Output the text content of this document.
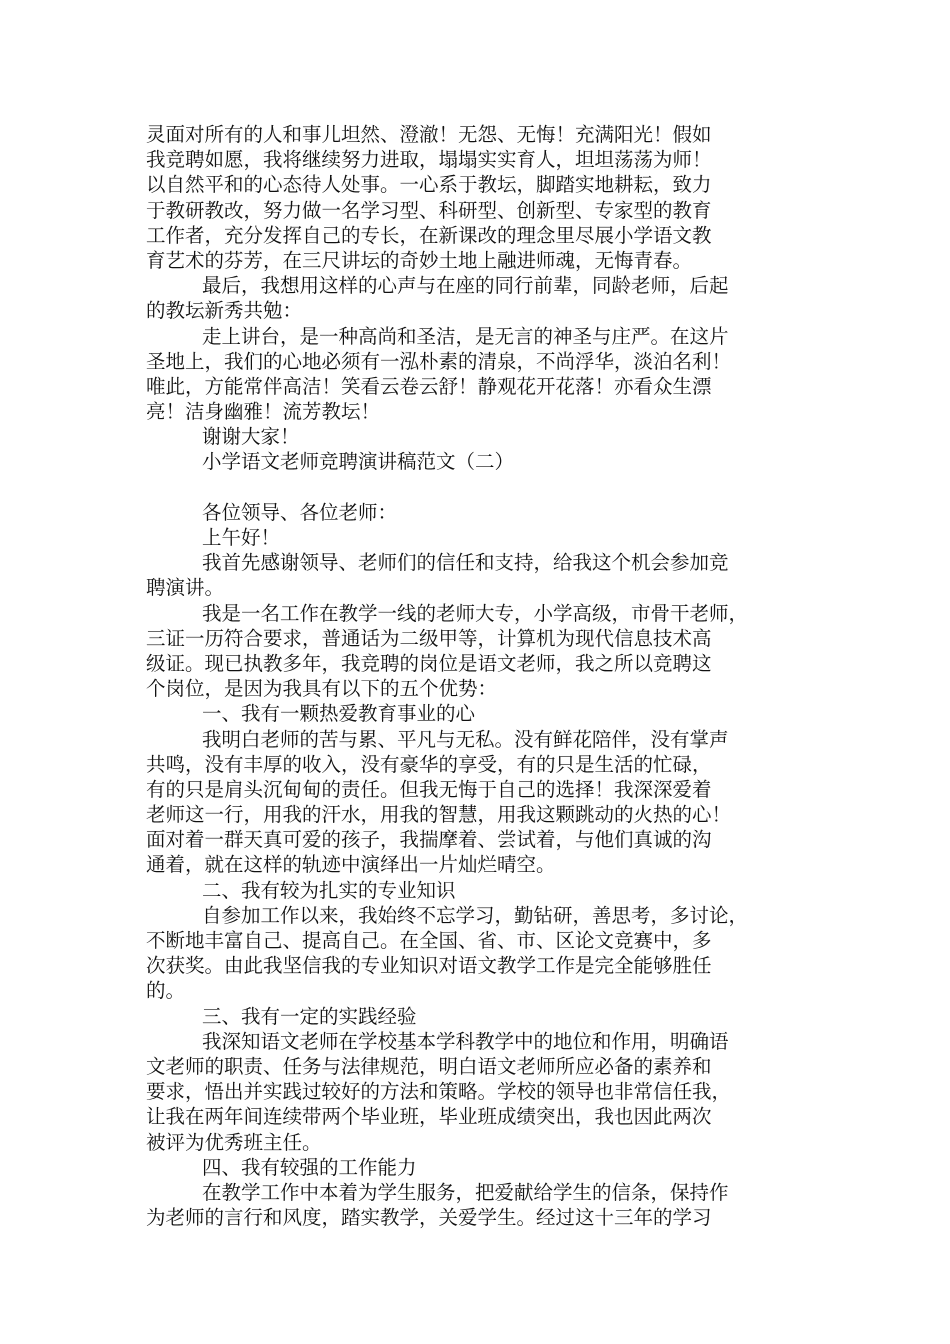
灵面对所有的人和事儿坦然、澄澈！无怨、无悔！充满阳光！假如
我竞聘如愿，我将继续努力进取，塌塌实实育人，坦坦荡荡为师！
以自然平和的心态待人处事。一心系于教坛，脚踏实地耕耘，致力
于教研教改，努力做一名学习型、科研型、创新型、专家型的教育
工作者，充分发挥自己的专长，在新课改的理念里尽展小学语文教
育艺术的芬芳，在三尺讲坛的奇妙土地上融进师魂，无悔青春。
最后，我想用这样的心声与在座的同行前辈，同龄老师，后起
的教坛新秀共勉：
走上讲台，是一种高尚和圣洁，是无言的神圣与庄严。在这片
圣地上，我们的心地必须有一泓朴素的清泉，不尚浮华，淡泊名利！
唯此，方能常伴高洁！笑看云卷云舒！静观花开花落！亦看众生漂
亮！洁身幽雅！流芳教坛！
谢谢大家！
小学语文老师竞聘演讲稿范文（二）
各位领导、各位老师：
上午好！
我首先感谢领导、老师们的信任和支持，给我这个机会参加竞
聘演讲。
我是一名工作在教学一线的老师大专，小学高级，市骨干老师，
三证一历符合要求，普通话为二级甲等，计算机为现代信息技术高
级证。现已执教多年，我竞聘的岗位是语文老师，我之所以竞聘这
个岗位，是因为我具有以下的五个优势：
一、我有一颗热爱教育事业的心
我明白老师的苦与累、平凡与无私。没有鲜花陪伴，没有掌声
共鸣，没有丰厚的收入，没有豪华的享受，有的只是生活的忙碌，
有的只是肩头沉甸甸的责任。但我无悔于自己的选择！我深深爱着
老师这一行，用我的汗水，用我的智慧，用我这颗跳动的火热的心！
面对着一群天真可爱的孩子，我揣摩着、尝试着，与他们真诚的沟
通着，就在这样的轨迹中演绎出一片灿烂晴空。
二、我有较为扎实的专业知识
自参加工作以来，我始终不忘学习，勤钻研，善思考，多讨论，
不断地丰富自己、提高自己。在全国、省、市、区论文竞赛中，多
次获奖。由此我坚信我的专业知识对语文教学工作是完全能够胜任
的。
三、我有一定的实践经验
我深知语文老师在学校基本学科教学中的地位和作用，明确语
文老师的职责、任务与法律规范，明白语文老师所应必备的素养和
要求，悟出并实践过较好的方法和策略。学校的领导也非常信任我，
让我在两年间连续带两个毕业班，毕业班成绩突出，我也因此两次
被评为优秀班主任。
四、我有较强的工作能力
在教学工作中本着为学生服务，把爱献给学生的信条，保持作
为老师的言行和风度，踏实教学，关爱学生。经过这十三年的学习
